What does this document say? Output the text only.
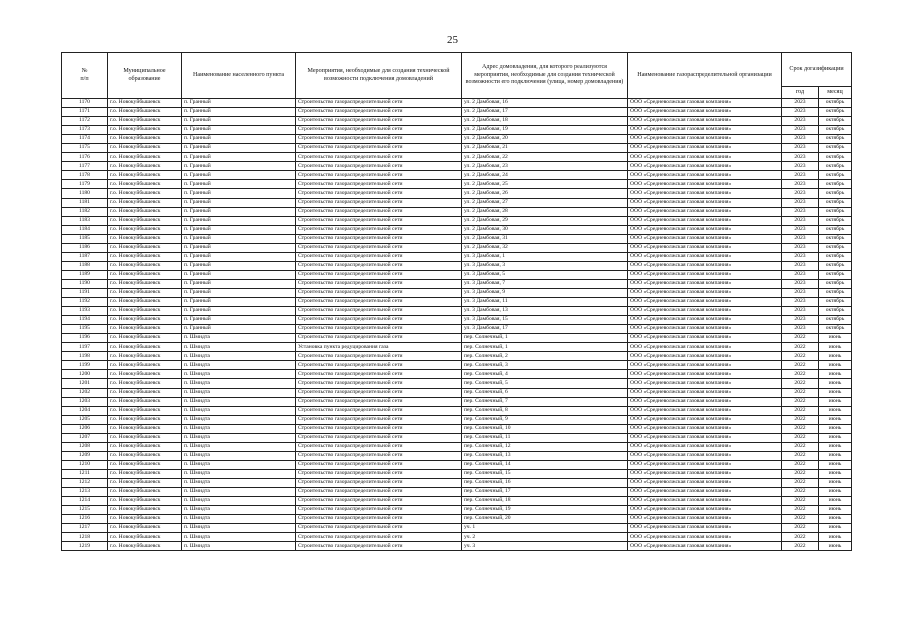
25
№
п/п	Муниципальное образование	Наименование населенного пункта	Мероприятия, необходимые для создания технической возможности подключения домовладений	Адрес домовладения, для которого реализуются мероприятия, необходимые для создания технической возможности его подключения (улица, номер домовладения)	Наименование газораспределительной организации	Срок догазификации	
						год	месяц
1170	г.о. Новокуйбышевск	п. Гранный	Строительство газораспределительной сети	ул. 2 Дамбовая, 16	ООО «Средневолжская газовая компания»	2023	октябрь
1171	г.о. Новокуйбышевск	п. Гранный	Строительство газораспределительной сети	ул. 2 Дамбовая, 17	ООО «Средневолжская газовая компания»	2023	октябрь
1172	г.о. Новокуйбышевск	п. Гранный	Строительство газораспределительной сети	ул. 2 Дамбовая, 18	ООО «Средневолжская газовая компания»	2023	октябрь
1173	г.о. Новокуйбышевск	п. Гранный	Строительство газораспределительной сети	ул. 2 Дамбовая, 19	ООО «Средневолжская газовая компания»	2023	октябрь
1174	г.о. Новокуйбышевск	п. Гранный	Строительство газораспределительной сети	ул. 2 Дамбовая, 20	ООО «Средневолжская газовая компания»	2023	октябрь
1175	г.о. Новокуйбышевск	п. Гранный	Строительство газораспределительной сети	ул. 2 Дамбовая, 21	ООО «Средневолжская газовая компания»	2023	октябрь
1176	г.о. Новокуйбышевск	п. Гранный	Строительство газораспределительной сети	ул. 2 Дамбовая, 22	ООО «Средневолжская газовая компания»	2023	октябрь
1177	г.о. Новокуйбышевск	п. Гранный	Строительство газораспределительной сети	ул. 2 Дамбовая, 23	ООО «Средневолжская газовая компания»	2023	октябрь
1178	г.о. Новокуйбышевск	п. Гранный	Строительство газораспределительной сети	ул. 2 Дамбовая, 24	ООО «Средневолжская газовая компания»	2023	октябрь
1179	г.о. Новокуйбышевск	п. Гранный	Строительство газораспределительной сети	ул. 2 Дамбовая, 25	ООО «Средневолжская газовая компания»	2023	октябрь
1180	г.о. Новокуйбышевск	п. Гранный	Строительство газораспределительной сети	ул. 2 Дамбовая, 26	ООО «Средневолжская газовая компания»	2023	октябрь
1181	г.о. Новокуйбышевск	п. Гранный	Строительство газораспределительной сети	ул. 2 Дамбовая, 27	ООО «Средневолжская газовая компания»	2023	октябрь
1182	г.о. Новокуйбышевск	п. Гранный	Строительство газораспределительной сети	ул. 2 Дамбовая, 28	ООО «Средневолжская газовая компания»	2023	октябрь
1183	г.о. Новокуйбышевск	п. Гранный	Строительство газораспределительной сети	ул. 2 Дамбовая, 29	ООО «Средневолжская газовая компания»	2023	октябрь
1184	г.о. Новокуйбышевск	п. Гранный	Строительство газораспределительной сети	ул. 2 Дамбовая, 30	ООО «Средневолжская газовая компания»	2023	октябрь
1185	г.о. Новокуйбышевск	п. Гранный	Строительство газораспределительной сети	ул. 2 Дамбовая, 31	ООО «Средневолжская газовая компания»	2023	октябрь
1186	г.о. Новокуйбышевск	п. Гранный	Строительство газораспределительной сети	ул. 2 Дамбовая, 32	ООО «Средневолжская газовая компания»	2023	октябрь
1187	г.о. Новокуйбышевск	п. Гранный	Строительство газораспределительной сети	ул. 3 Дамбовая, 1	ООО «Средневолжская газовая компания»	2023	октябрь
1188	г.о. Новокуйбышевск	п. Гранный	Строительство газораспределительной сети	ул. 3 Дамбовая, 3	ООО «Средневолжская газовая компания»	2023	октябрь
1189	г.о. Новокуйбышевск	п. Гранный	Строительство газораспределительной сети	ул. 3 Дамбовая, 5	ООО «Средневолжская газовая компания»	2023	октябрь
1190	г.о. Новокуйбышевск	п. Гранный	Строительство газораспределительной сети	ул. 3 Дамбовая, 7	ООО «Средневолжская газовая компания»	2023	октябрь
1191	г.о. Новокуйбышевск	п. Гранный	Строительство газораспределительной сети	ул. 3 Дамбовая, 9	ООО «Средневолжская газовая компания»	2023	октябрь
1192	г.о. Новокуйбышевск	п. Гранный	Строительство газораспределительной сети	ул. 3 Дамбовая, 11	ООО «Средневолжская газовая компания»	2023	октябрь
1193	г.о. Новокуйбышевск	п. Гранный	Строительство газораспределительной сети	ул. 3 Дамбовая, 13	ООО «Средневолжская газовая компания»	2023	октябрь
1194	г.о. Новокуйбышевск	п. Гранный	Строительство газораспределительной сети	ул. 3 Дамбовая, 15	ООО «Средневолжская газовая компания»	2023	октябрь
1195	г.о. Новокуйбышевск	п. Гранный	Строительство газораспределительной сети	ул. 3 Дамбовая, 17	ООО «Средневолжская газовая компания»	2023	октябрь
1196	г.о. Новокуйбышевск	п. Шмидта	Строительство газораспределительной сети	пер. Солнечный, 1	ООО «Средневолжская газовая компания»	2022	июнь
1197	г.о. Новокуйбышевск	п. Шмидта	Установка пункта редуцирования газа	пер. Солнечный, 1	ООО «Средневолжская газовая компания»	2022	июнь
1198	г.о. Новокуйбышевск	п. Шмидта	Строительство газораспределительной сети	пер. Солнечный, 2	ООО «Средневолжская газовая компания»	2022	июнь
1199	г.о. Новокуйбышевск	п. Шмидта	Строительство газораспределительной сети	пер. Солнечный, 3	ООО «Средневолжская газовая компания»	2022	июнь
1200	г.о. Новокуйбышевск	п. Шмидта	Строительство газораспределительной сети	пер. Солнечный, 4	ООО «Средневолжская газовая компания»	2022	июнь
1201	г.о. Новокуйбышевск	п. Шмидта	Строительство газораспределительной сети	пер. Солнечный, 5	ООО «Средневолжская газовая компания»	2022	июнь
1202	г.о. Новокуйбышевск	п. Шмидта	Строительство газораспределительной сети	пер. Солнечный, 6	ООО «Средневолжская газовая компания»	2022	июнь
1203	г.о. Новокуйбышевск	п. Шмидта	Строительство газораспределительной сети	пер. Солнечный, 7	ООО «Средневолжская газовая компания»	2022	июнь
1204	г.о. Новокуйбышевск	п. Шмидта	Строительство газораспределительной сети	пер. Солнечный, 8	ООО «Средневолжская газовая компания»	2022	июнь
1205	г.о. Новокуйбышевск	п. Шмидта	Строительство газораспределительной сети	пер. Солнечный, 9	ООО «Средневолжская газовая компания»	2022	июнь
1206	г.о. Новокуйбышевск	п. Шмидта	Строительство газораспределительной сети	пер. Солнечный, 10	ООО «Средневолжская газовая компания»	2022	июнь
1207	г.о. Новокуйбышевск	п. Шмидта	Строительство газораспределительной сети	пер. Солнечный, 11	ООО «Средневолжская газовая компания»	2022	июнь
1208	г.о. Новокуйбышевск	п. Шмидта	Строительство газораспределительной сети	пер. Солнечный, 12	ООО «Средневолжская газовая компания»	2022	июнь
1209	г.о. Новокуйбышевск	п. Шмидта	Строительство газораспределительной сети	пер. Солнечный, 13	ООО «Средневолжская газовая компания»	2022	июнь
1210	г.о. Новокуйбышевск	п. Шмидта	Строительство газораспределительной сети	пер. Солнечный, 14	ООО «Средневолжская газовая компания»	2022	июнь
1211	г.о. Новокуйбышевск	п. Шмидта	Строительство газораспределительной сети	пер. Солнечный, 15	ООО «Средневолжская газовая компания»	2022	июнь
1212	г.о. Новокуйбышевск	п. Шмидта	Строительство газораспределительной сети	пер. Солнечный, 16	ООО «Средневолжская газовая компания»	2022	июнь
1213	г.о. Новокуйбышевск	п. Шмидта	Строительство газораспределительной сети	пер. Солнечный, 17	ООО «Средневолжская газовая компания»	2022	июнь
1214	г.о. Новокуйбышевск	п. Шмидта	Строительство газораспределительной сети	пер. Солнечный, 18	ООО «Средневолжская газовая компания»	2022	июнь
1215	г.о. Новокуйбышевск	п. Шмидта	Строительство газораспределительной сети	пер. Солнечный, 19	ООО «Средневолжская газовая компания»	2022	июнь
1216	г.о. Новокуйбышевск	п. Шмидта	Строительство газораспределительной сети	пер. Солнечный, 20	ООО «Средневолжская газовая компания»	2022	июнь
1217	г.о. Новокуйбышевск	п. Шмидта	Строительство газораспределительной сети	уч. 1	ООО «Средневолжская газовая компания»	2022	июнь
1218	г.о. Новокуйбышевск	п. Шмидта	Строительство газораспределительной сети	уч. 2	ООО «Средневолжская газовая компания»	2022	июнь
1219	г.о. Новокуйбышевск	п. Шмидта	Строительство газораспределительной сети	уч. 3	ООО «Средневолжская газовая компания»	2022	июнь
